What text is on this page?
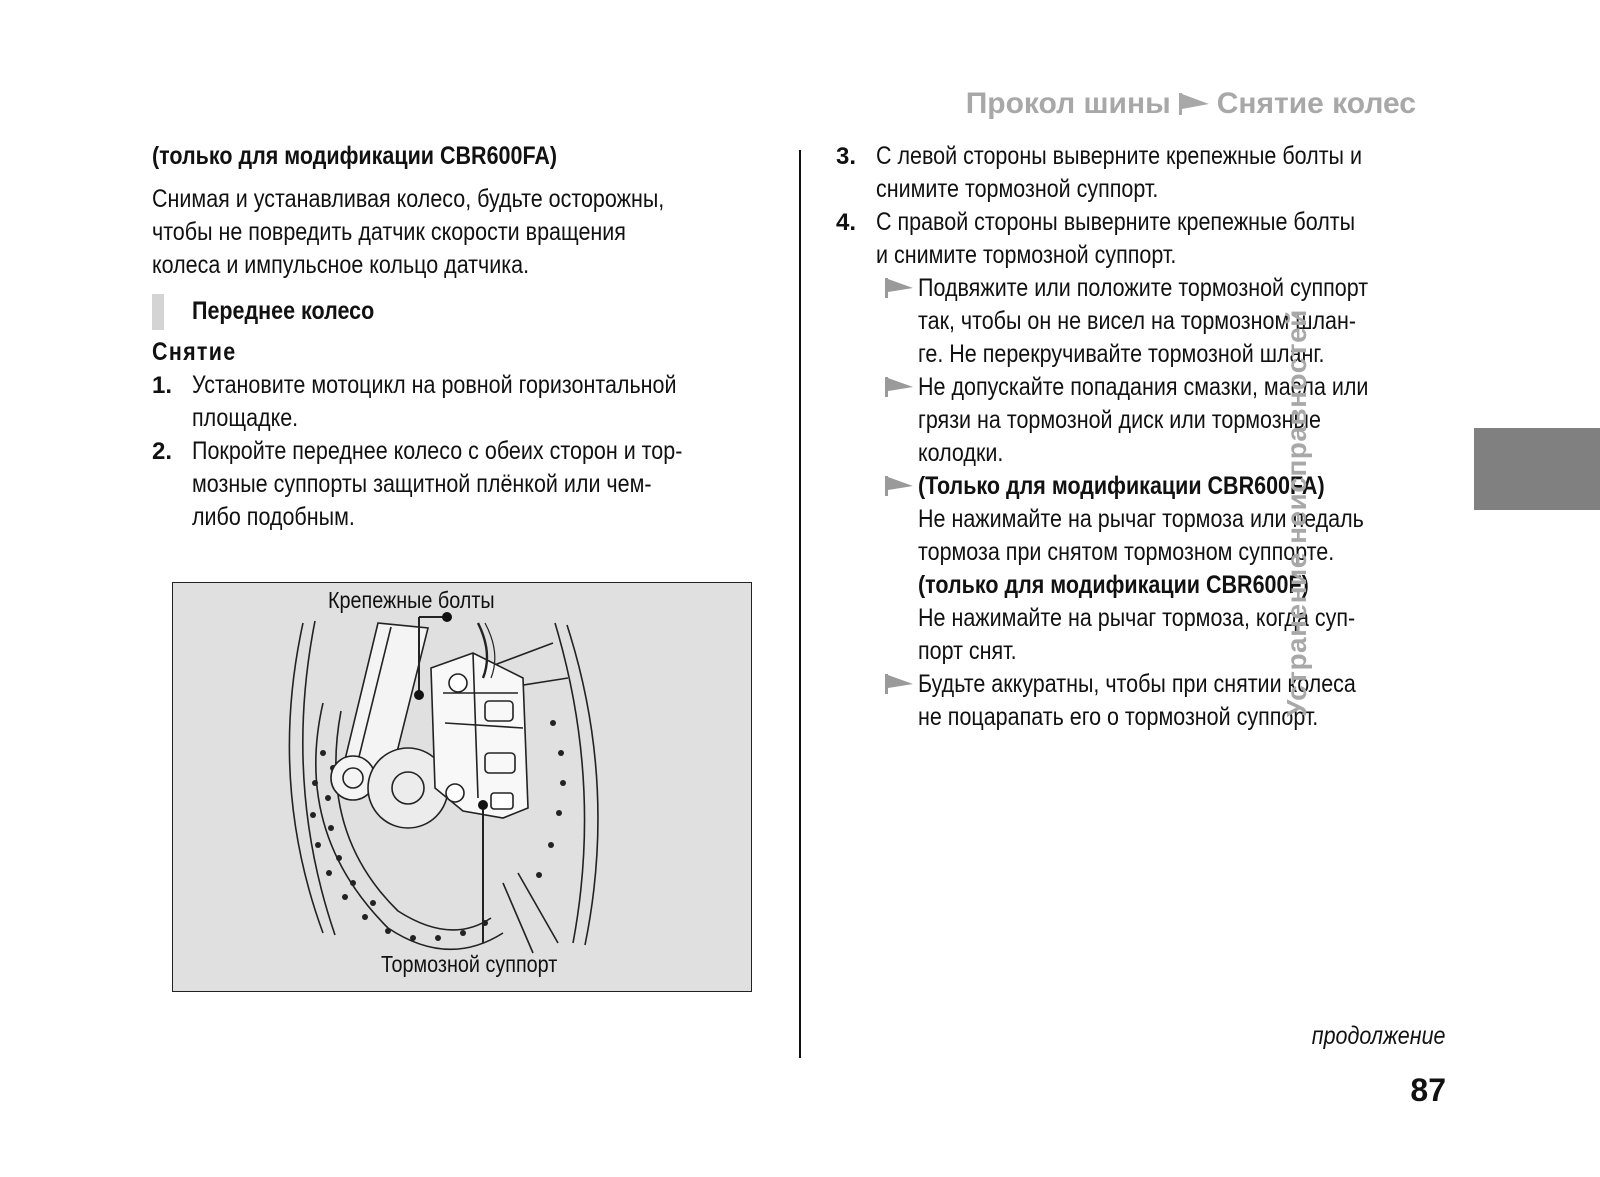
Прокол шины Снятие колес
(только для модификации CBR600FA)
Снимая и устанавливая колесо, будьте осторожны,
чтобы не повредить датчик скорости вращения
колеса и импульсное кольцо датчика.
Переднее колесо
Снятие
1. Установите мотоцикл на ровной горизонтальной
площадке.
2. Покройте переднее колесо с обеих сторон и тор-
мозные суппорты защитной плёнкой или чем-
либо подобным.
Крепежные болты
Тормозной суппорт
3. С левой стороны выверните крепежные болты и
снимите тормозной суппорт.
4. С правой стороны выверните крепежные болты
и снимите тормозной суппорт.
Подвяжите или положите тормозной суппорт
так, чтобы он не висел на тормозном шлан-
ге. Не перекручивайте тормозной шланг.
Не допускайте попадания смазки, масла или
грязи на тормозной диск или тормозные
колодки.
(Только для модификации CBR600FA)
Не нажимайте на рычаг тормоза или педаль
тормоза при снятом тормозном суппорте.
(только для модификации CBR600F)
Не нажимайте на рычаг тормоза, когда суп-
порт снят.
Будьте аккуратны, чтобы при снятии колеса
не поцарапать его о тормозной суппорт.
Устранение неисправностей
продолжение
87
